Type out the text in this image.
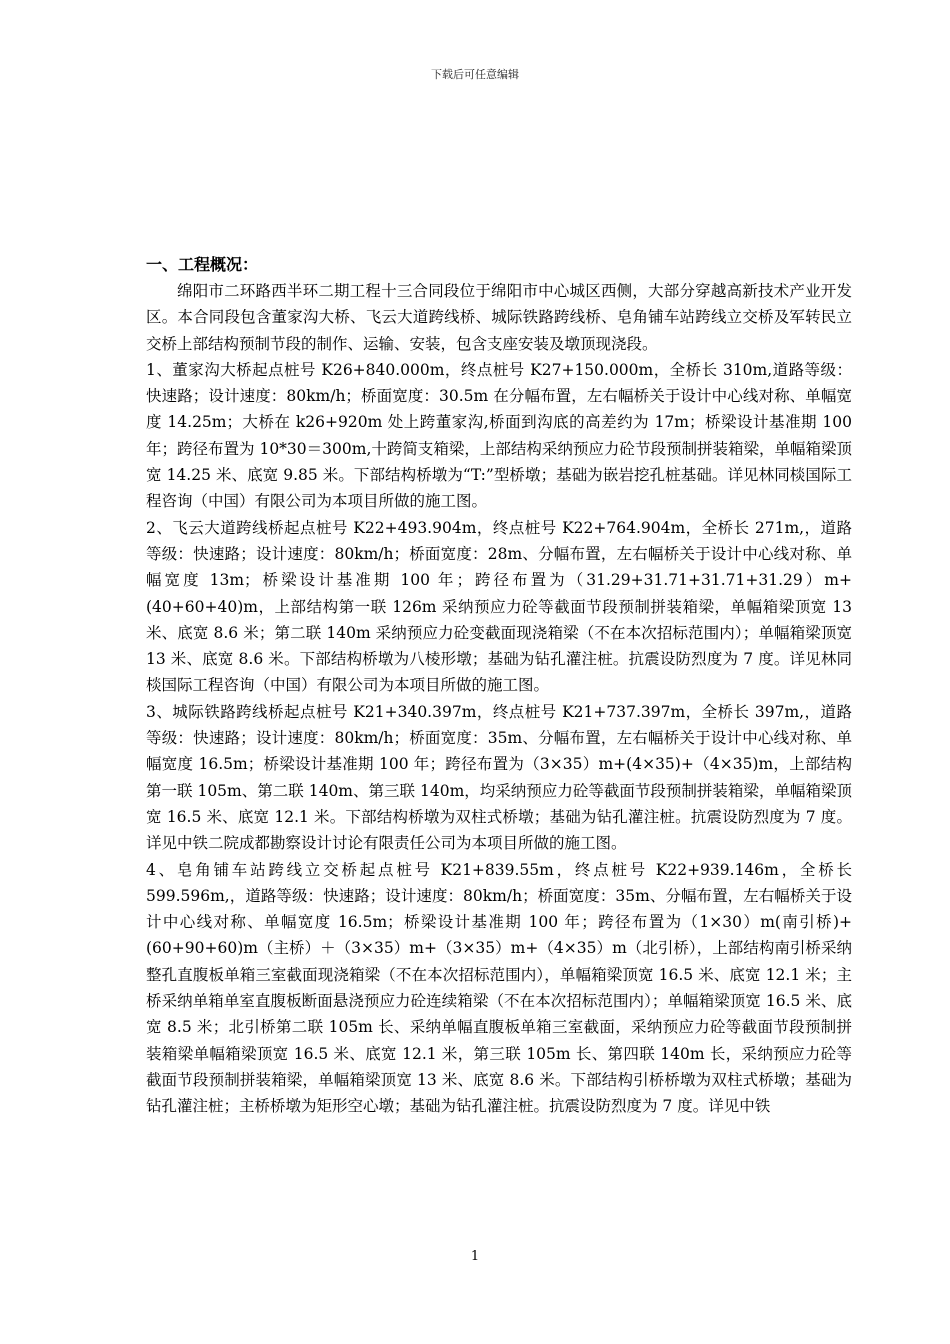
下载后可任意编辑
一、工程概况：

绵阳市二环路西半环二期工程十三合同段位于绵阳市中心城区西侧，大部分穿越高新技术产业开发区。本合同段包含董家沟大桥、飞云大道跨线桥、城际铁路跨线桥、皂角铺车站跨线立交桥及军转民立交桥上部结构预制节段的制作、运输、安装，包含支座安装及墩顶现浇段。

1、董家沟大桥起点桩号 K26+840.000m，终点桩号 K27+150.000m，全桥长 310m,道路等级：快速路；设计速度：80km/h；桥面宽度：30.5m 在分幅布置，左右幅桥关于设计中心线对称、单幅宽度 14.25m；大桥在 k26+920m 处上跨董家沟,桥面到沟底的高差约为 17m；桥梁设计基准期 100 年；跨径布置为 10*30＝300m,十跨简支箱梁，上部结构采纳预应力砼节段预制拼装箱梁，单幅箱梁顶宽 14.25 米、底宽 9.85 米。下部结构桥墩为“T:”型桥墩；基础为嵌岩挖孔桩基础。详见林同棪国际工程咨询（中国）有限公司为本项目所做的施工图。

2、飞云大道跨线桥起点桩号 K22+493.904m，终点桩号 K22+764.904m，全桥长 271m,，道路等级：快速路；设计速度：80km/h；桥面宽度：28m、分幅布置，左右幅桥关于设计中心线对称、单幅宽度 13m；桥梁设计基准期 100 年；跨径布置为（31.29+31.71+31.71+31.29）m+(40+60+40)m，上部结构第一联 126m 采纳预应力砼等截面节段预制拼装箱梁，单幅箱梁顶宽 13 米、底宽 8.6 米；第二联 140m 采纳预应力砼变截面现浇箱梁（不在本次招标范围内）；单幅箱梁顶宽 13 米、底宽 8.6 米。下部结构桥墩为八棱形墩；基础为钻孔灌注桩。抗震设防烈度为 7 度。详见林同棪国际工程咨询（中国）有限公司为本项目所做的施工图。

3、城际铁路跨线桥起点桩号 K21+340.397m，终点桩号 K21+737.397m，全桥长 397m,，道路等级：快速路；设计速度：80km/h；桥面宽度：35m、分幅布置，左右幅桥关于设计中心线对称、单幅宽度 16.5m；桥梁设计基准期 100 年；跨径布置为（3×35）m+(4×35)+（4×35)m，上部结构第一联 105m、第二联 140m、第三联 140m，均采纳预应力砼等截面节段预制拼装箱梁，单幅箱梁顶宽 16.5 米、底宽 12.1 米。下部结构桥墩为双柱式桥墩；基础为钻孔灌注桩。抗震设防烈度为 7 度。详见中铁二院成都勘察设计讨论有限责任公司为本项目所做的施工图。

4、皂角铺车站跨线立交桥起点桩号 K21+839.55m，终点桩号 K22+939.146m，全桥长 599.596m,，道路等级：快速路；设计速度：80km/h；桥面宽度：35m、分幅布置，左右幅桥关于设计中心线对称、单幅宽度 16.5m；桥梁设计基准期 100 年；跨径布置为（1×30）m(南引桥)+(60+90+60)m（主桥）＋（3×35）m+（3×35）m+（4×35）m（北引桥），上部结构南引桥采纳整孔直腹板单箱三室截面现浇箱梁（不在本次招标范围内），单幅箱梁顶宽 16.5 米、底宽 12.1 米；主桥采纳单箱单室直腹板断面悬浇预应力砼连续箱梁（不在本次招标范围内）；单幅箱梁顶宽 16.5 米、底宽 8.5 米；北引桥第二联 105m 长、采纳单幅直腹板单箱三室截面，采纳预应力砼等截面节段预制拼装箱梁单幅箱梁顶宽 16.5 米、底宽 12.1 米，第三联 105m 长、第四联 140m 长，采纳预应力砼等截面节段预制拼装箱梁，单幅箱梁顶宽 13 米、底宽 8.6 米。下部结构引桥桥墩为双柱式桥墩；基础为钻孔灌注桩；主桥桥墩为矩形空心墩；基础为钻孔灌注桩。抗震设防烈度为 7 度。详见中铁

1
